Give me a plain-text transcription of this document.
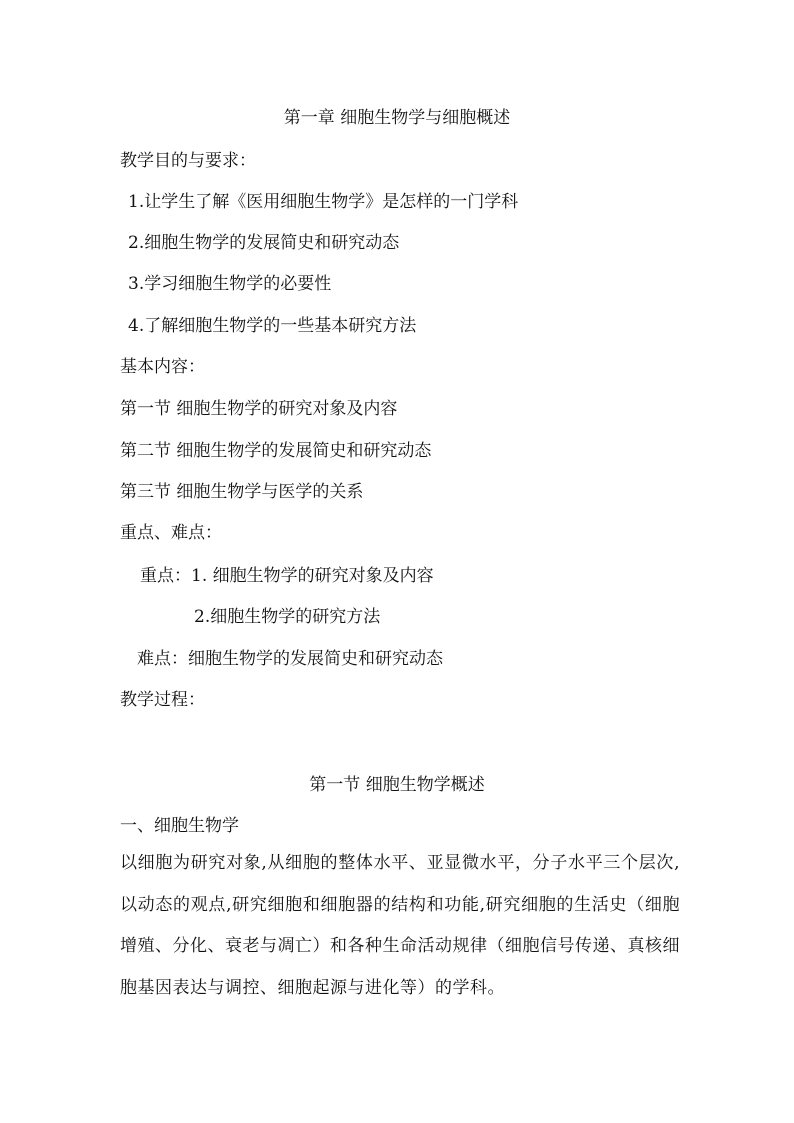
第一章 细胞生物学与细胞概述
教学目的与要求：
1.让学生了解《医用细胞生物学》是怎样的一门学科
2.细胞生物学的发展简史和研究动态
3.学习细胞生物学的必要性
4.了解细胞生物学的一些基本研究方法
基本内容：
第一节 细胞生物学的研究对象及内容
第二节 细胞生物学的发展简史和研究动态
第三节 细胞生物学与医学的关系
重点、难点：
重点：1. 细胞生物学的研究对象及内容
2.细胞生物学的研究方法
难点：细胞生物学的发展简史和研究动态
教学过程：
第一节 细胞生物学概述
一、细胞生物学
以细胞为研究对象,从细胞的整体水平、亚显微水平，分子水平三个层次,以动态的观点,研究细胞和细胞器的结构和功能,研究细胞的生活史（细胞增殖、分化、衰老与凋亡）和各种生命活动规律（细胞信号传递、真核细胞基因表达与调控、细胞起源与进化等）的学科。
